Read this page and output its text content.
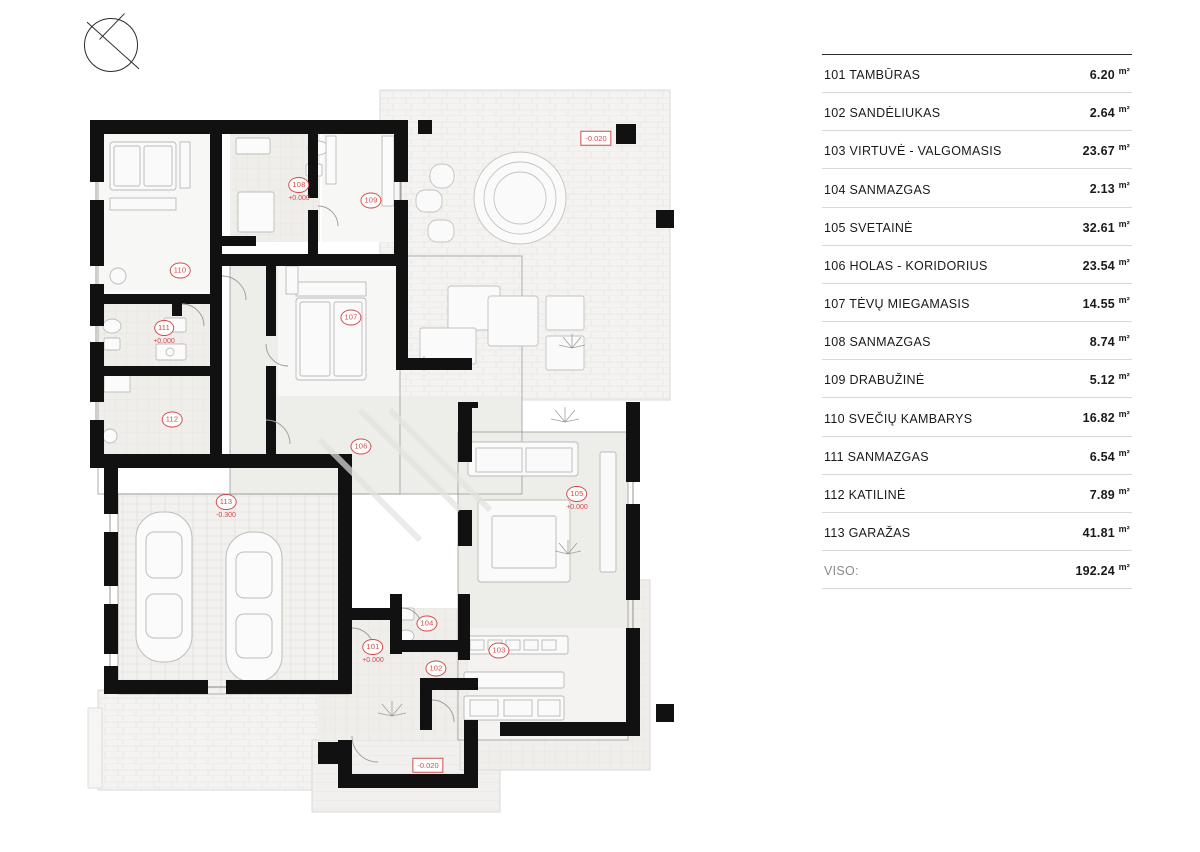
101
+0.000
102
103
104
105
+0.000
106
107
108
+0.000	109
110
111
+0.000
112
113
-0.300
-0.020
-0.020
101 TAMBŪRAS	6.20 $^{m^2}$
102 SANDĖLIUKAS	2.64 $^{m^2}$
103 VIRTUVĖ - VALGOMASIS	23.67 $^{m^2}$
104 SANMAZGAS	2.13 $^{m^2}$
105 SVETAINĖ	32.61 $^{m^2}$
106 HOLAS - KORIDORIUS	23.54 $^{m^2}$
107 TĖVŲ MIEGAMASIS	14.55 $^{m^2}$
108 SANMAZGAS	8.74 $^{m^2}$
109 DRABUŽINĖ	5.12 $^{m^2}$
110 SVEČIŲ KAMBARYS	16.82 $^{m^2}$
111 SANMAZGAS	6.54 $^{m^2}$
112 KATILINĖ	7.89 $^{m^2}$
113 GARAŽAS	41.81 $^{m^2}$
VISO:	192.24 $^{m^2}$
